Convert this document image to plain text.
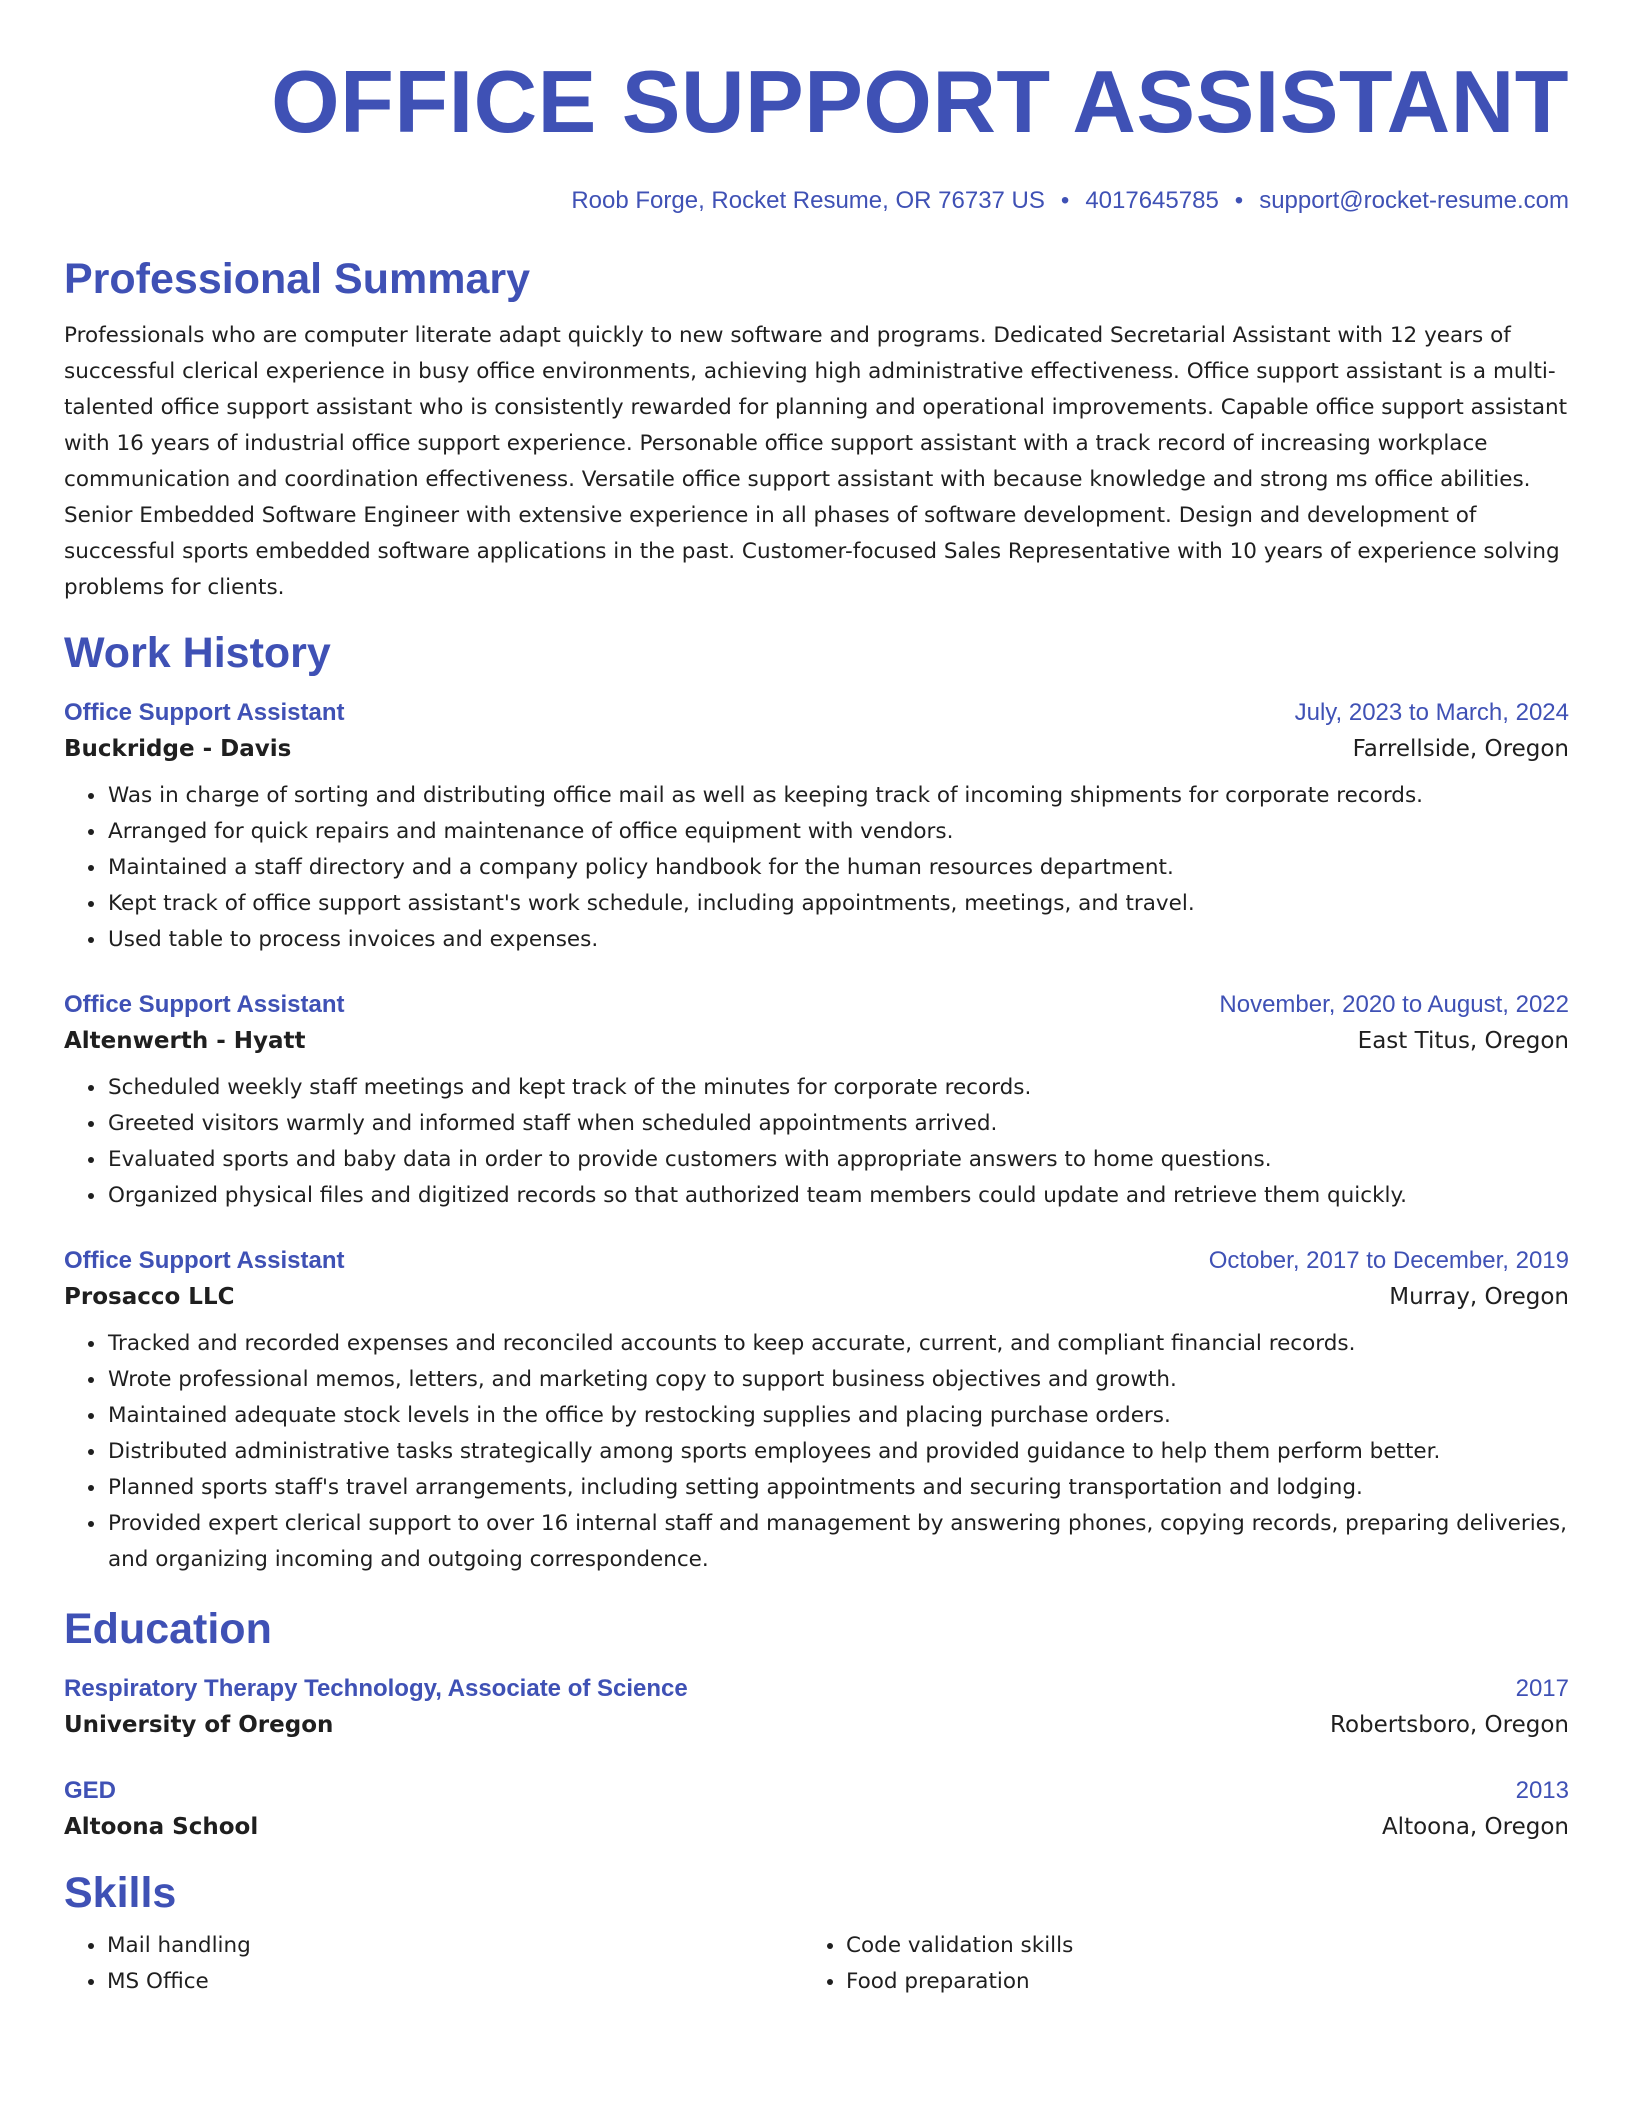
OFFICE SUPPORT ASSISTANT
Roob Forge, Rocket Resume, OR 76737 US • 4017645785 • support@rocket-resume.com
Professional Summary

Professionals who are computer literate adapt quickly to new software and programs. Dedicated Secretarial Assistant with 12 years of successful clerical experience in busy office environments, achieving high administrative effectiveness. Office support assistant is a multi-talented office support assistant who is consistently rewarded for planning and operational improvements. Capable office support assistant with 16 years of industrial office support experience. Personable office support assistant with a track record of increasing workplace communication and coordination effectiveness. Versatile office support assistant with because knowledge and strong ms office abilities. Senior Embedded Software Engineer with extensive experience in all phases of software development. Design and development of successful sports embedded software applications in the past. Customer-focused Sales Representative with 10 years of experience solving problems for clients.

Work History
Office Support Assistant	July, 2023 to March, 2024
Buckridge - Davis	Farrellside, Oregon
• Was in charge of sorting and distributing office mail as well as keeping track of incoming shipments for corporate records.
• Arranged for quick repairs and maintenance of office equipment with vendors.
• Maintained a staff directory and a company policy handbook for the human resources department.
• Kept track of office support assistant's work schedule, including appointments, meetings, and travel.
• Used table to process invoices and expenses.
Office Support Assistant	November, 2020 to August, 2022
Altenwerth - Hyatt	East Titus, Oregon
• Scheduled weekly staff meetings and kept track of the minutes for corporate records.
• Greeted visitors warmly and informed staff when scheduled appointments arrived.
• Evaluated sports and baby data in order to provide customers with appropriate answers to home questions.
• Organized physical files and digitized records so that authorized team members could update and retrieve them quickly.
Office Support Assistant	October, 2017 to December, 2019
Prosacco LLC	Murray, Oregon
• Tracked and recorded expenses and reconciled accounts to keep accurate, current, and compliant financial records.
• Wrote professional memos, letters, and marketing copy to support business objectives and growth.
• Maintained adequate stock levels in the office by restocking supplies and placing purchase orders.
• Distributed administrative tasks strategically among sports employees and provided guidance to help them perform better.
• Planned sports staff's travel arrangements, including setting appointments and securing transportation and lodging.
• Provided expert clerical support to over 16 internal staff and management by answering phones, copying records, preparing deliveries, and organizing incoming and outgoing correspondence.
Education
Respiratory Therapy Technology, Associate of Science	2017
University of Oregon	Robertsboro, Oregon
GED	2013
Altoona School	Altoona, Oregon
Skills
• Mail handling
• MS Office
• Code validation skills
• Food preparation
